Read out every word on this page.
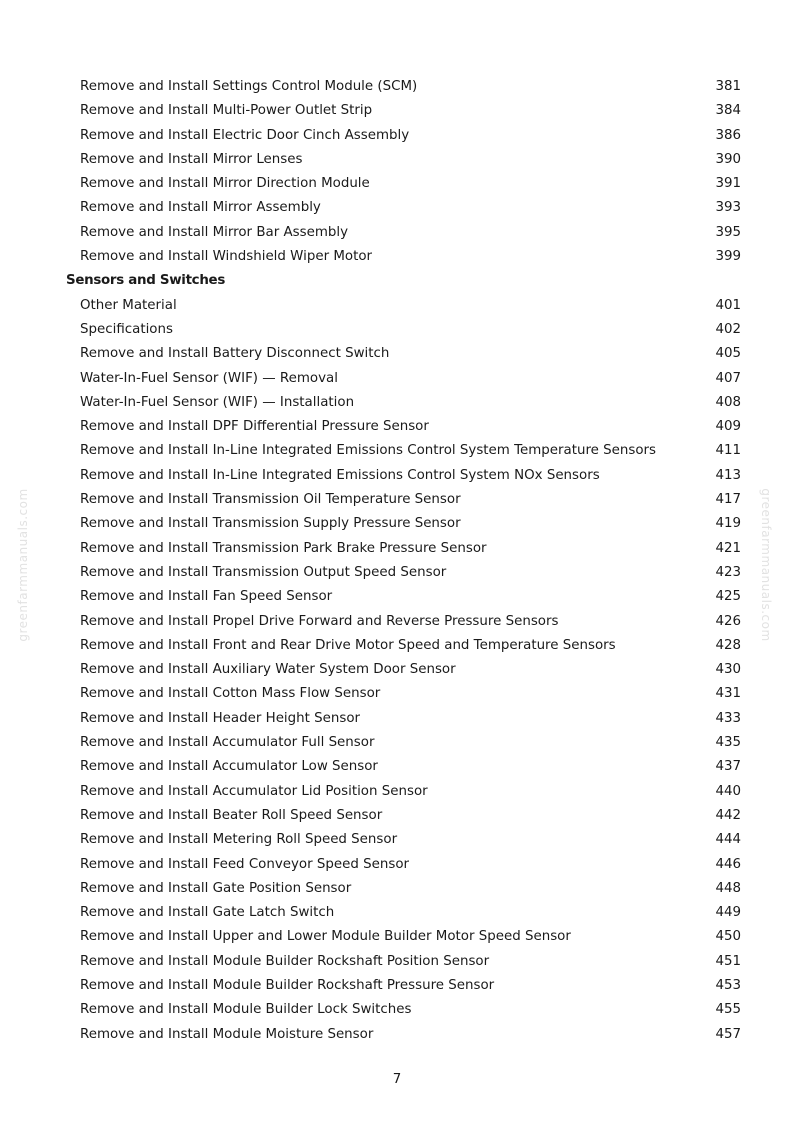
Remove and Install Settings Control Module (SCM)	381
Remove and Install Multi-Power Outlet Strip	384
Remove and Install Electric Door Cinch Assembly	386
Remove and Install Mirror Lenses	390
Remove and Install Mirror Direction Module	391
Remove and Install Mirror Assembly	393
Remove and Install Mirror Bar Assembly	395
Remove and Install Windshield Wiper Motor	399
Sensors and Switches
Other Material	401
Specifications	402
Remove and Install Battery Disconnect Switch	405
Water-In-Fuel Sensor (WIF) — Removal	407
Water-In-Fuel Sensor (WIF) — Installation	408
Remove and Install DPF Differential Pressure Sensor	409
Remove and Install In-Line Integrated Emissions Control System Temperature Sensors	411
Remove and Install In-Line Integrated Emissions Control System NOx Sensors	413
Remove and Install Transmission Oil Temperature Sensor	417
Remove and Install Transmission Supply Pressure Sensor	419
Remove and Install Transmission Park Brake Pressure Sensor	421
Remove and Install Transmission Output Speed Sensor	423
Remove and Install Fan Speed Sensor	425
Remove and Install Propel Drive Forward and Reverse Pressure Sensors	426
Remove and Install Front and Rear Drive Motor Speed and Temperature Sensors	428
Remove and Install Auxiliary Water System Door Sensor	430
Remove and Install Cotton Mass Flow Sensor	431
Remove and Install Header Height Sensor	433
Remove and Install Accumulator Full Sensor	435
Remove and Install Accumulator Low Sensor	437
Remove and Install Accumulator Lid Position Sensor	440
Remove and Install Beater Roll Speed Sensor	442
Remove and Install Metering Roll Speed Sensor	444
Remove and Install Feed Conveyor Speed Sensor	446
Remove and Install Gate Position Sensor	448
Remove and Install Gate Latch Switch	449
Remove and Install Upper and Lower Module Builder Motor Speed Sensor	450
Remove and Install Module Builder Rockshaft Position Sensor	451
Remove and Install Module Builder Rockshaft Pressure Sensor	453
Remove and Install Module Builder Lock Switches	455
Remove and Install Module Moisture Sensor	457
greenfarmmanuals.com	greenfarmmanuals.com
7
